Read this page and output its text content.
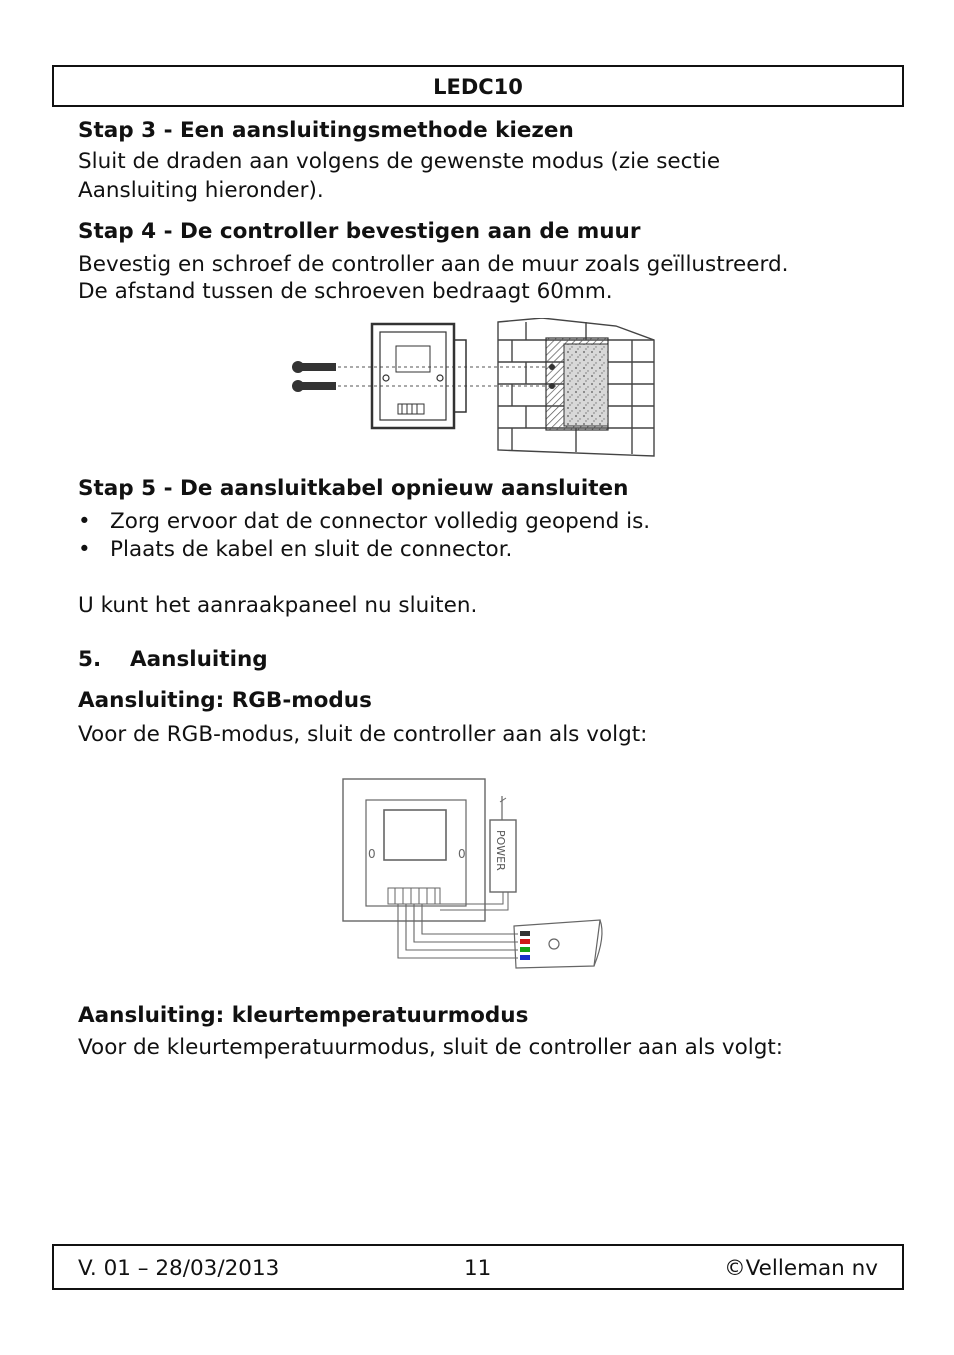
LEDC10

Stap 3 - Een aansluitingsmethode kiezen

Sluit de draden aan volgens de gewenste modus (zie sectie

Aansluiting hieronder).

Stap 4 - De controller bevestigen aan de muur

Bevestig en schroef de controller aan de muur zoals geïllustreerd.

De afstand tussen de schroeven bedraagt 60mm.

Stap 5 - De aansluitkabel opnieuw aansluiten

• Zorg ervoor dat de connector volledig geopend is.
• Plaats de kabel en sluit de connector.

U kunt het aanraakpaneel nu sluiten.

5. Aansluiting

Aansluiting: RGB-modus

Voor de RGB-modus, sluit de controller aan als volgt:

0	0	POWER

Aansluiting: kleurtemperatuurmodus

Voor de kleurtemperatuurmodus, sluit de controller aan als volgt:

V. 01 – 28/03/2013	11	©Velleman nv
